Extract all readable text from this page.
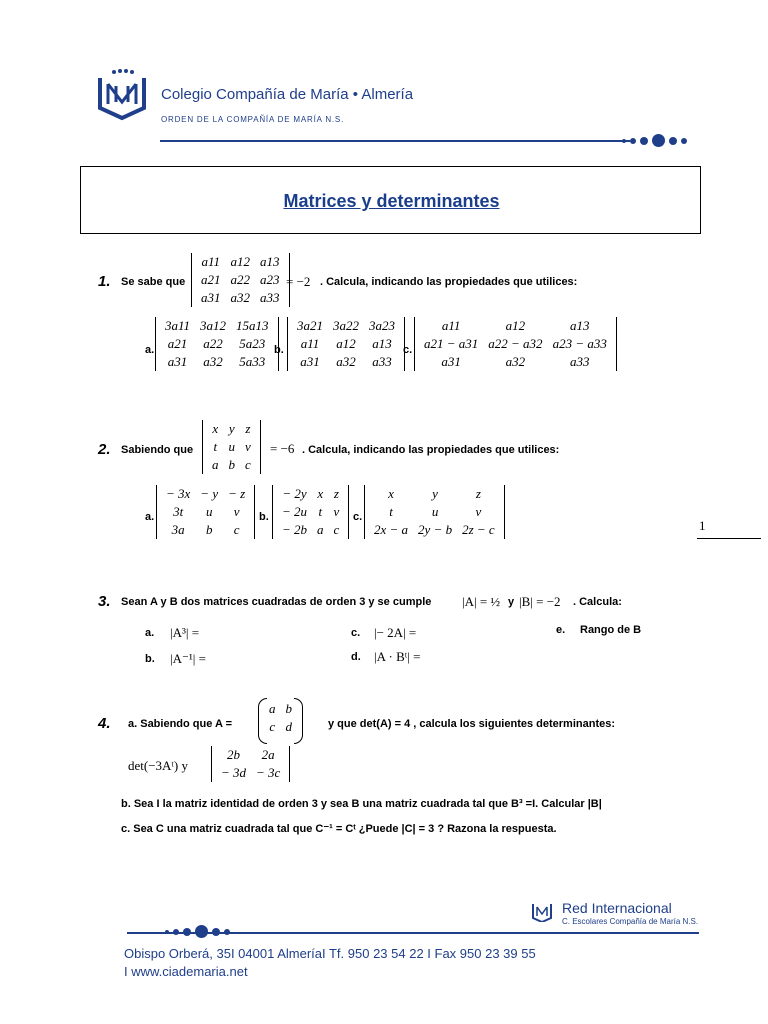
Colegio Compañía de María • Almería
ORDEN DE LA COMPAÑÍA DE MARÍA N.S.
Matrices y determinantes
1. Se sabe que
a11	a12	a13
a21	a22	a23
a31	a32	a33
= −2 . Calcula, indicando las propiedades que utilices:
a.
3a11	3a12	15a13
a21	a22	5a23
a31	a32	5a33
b.
3a21	3a22	3a23
a11	a12	a13
a31	a32	a33
c.
a11	a12	a13
a21 − a31	a22 − a32	a23 − a33
a31	a32	a33
2. Sabiendo que
x	y	z
t	u	v
a	b	c
= −6 . Calcula, indicando las propiedades que utilices:
a.
− 3x	− y	− z
3t	u	v
3a	b	c
b.
− 2y	x	z
− 2u	t	v
− 2b	a	c
c.
x	y	z
t	u	v
2x − a	2y − b	2z − c	1
3. Sean A y B dos matrices cuadradas de orden 3 y se cumple |A| = ½ y |B| = −2 . Calcula:
a. |A³| =
b. |A⁻¹| =
c. |− 2A| =
d. |A · Bᵗ| =
e. Rango de B
4. a. Sabiendo que A =
a	b
c	d	y que det(A) = 4 , calcula los siguientes determinantes:
det(−3Aᵗ) y
2b	2a
− 3d	− 3c
b. Sea I la matriz identidad de orden 3 y sea B una matriz cuadrada tal que B³ =I. Calcular |B|
c. Sea C una matriz cuadrada tal que C⁻¹ = Cᵗ ¿Puede |C| = 3 ? Razona la respuesta.
Red Internacional
C. Escolares Compañía de María N.S.
Obispo Orberá, 35I 04001 AlmeríaI Tf. 950 23 54 22 I Fax 950 23 39 55
I www.ciademaria.net
